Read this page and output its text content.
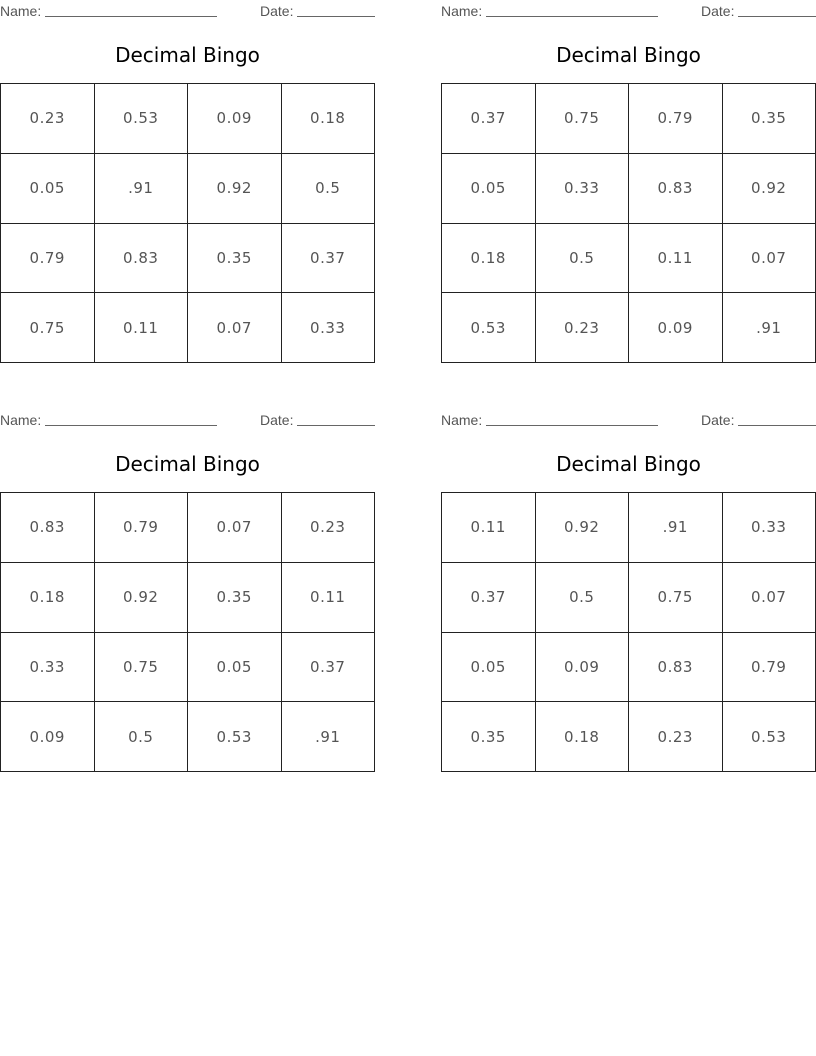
Name:	Date:
Decimal Bingo
0.23	0.53	0.09	0.18
0.05	.91	0.92	0.5
0.79	0.83	0.35	0.37
0.75	0.11	0.07	0.33
Name:	Date:
Decimal Bingo
0.37	0.75	0.79	0.35
0.05	0.33	0.83	0.92
0.18	0.5	0.11	0.07
0.53	0.23	0.09	.91
Name:	Date:
Decimal Bingo
0.83	0.79	0.07	0.23
0.18	0.92	0.35	0.11
0.33	0.75	0.05	0.37
0.09	0.5	0.53	.91
Name:	Date:
Decimal Bingo
0.11	0.92	.91	0.33
0.37	0.5	0.75	0.07
0.05	0.09	0.83	0.79
0.35	0.18	0.23	0.53
